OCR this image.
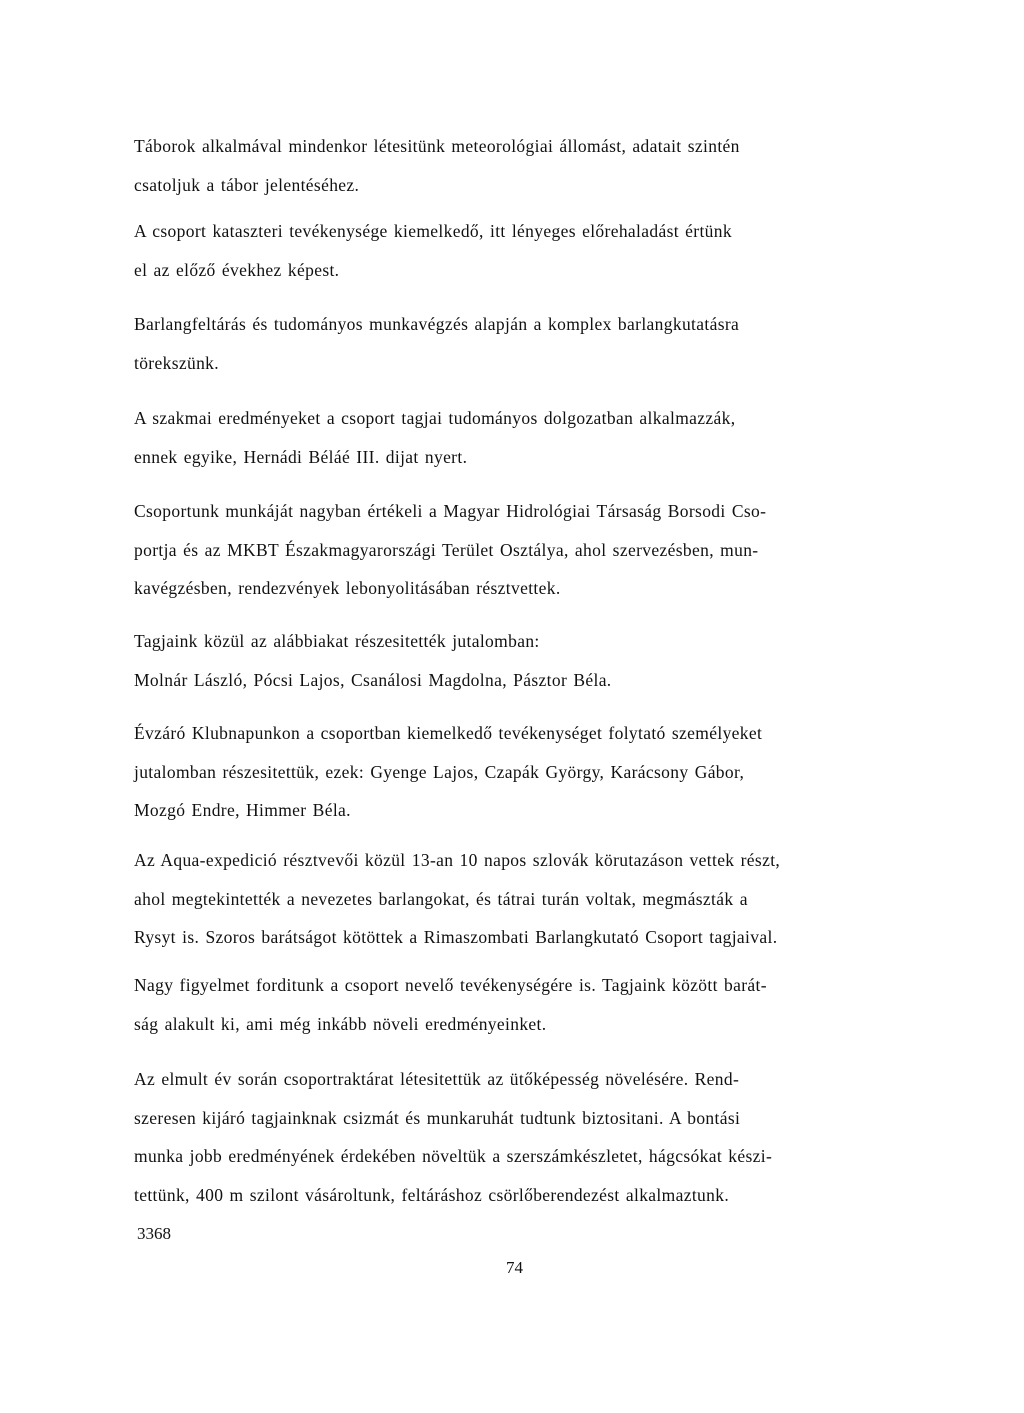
Táborok alkalmával mindenkor létesitünk meteorológiai állomást, adatait szintén
csatoljuk a tábor jelentéséhez.

A csoport kataszteri tevékenysége kiemelkedő, itt lényeges előrehaladást értünk
el az előző évekhez képest.

Barlangfeltárás és tudományos munkavégzés alapján a komplex barlangkutatásra
törekszünk.

A szakmai eredményeket a csoport tagjai tudományos dolgozatban alkalmazzák,
ennek egyike, Hernádi Béláé III. dijat nyert.

Csoportunk munkáját nagyban értékeli a Magyar Hidrológiai Társaság Borsodi Cso-
portja és az MKBT Északmagyarországi Terület Osztálya, ahol szervezésben, mun-
kavégzésben, rendezvények lebonyolitásában résztvettek.

Tagjaink közül az alábbiakat részesitették jutalomban:
Molnár László, Pócsi Lajos, Csanálosi Magdolna, Pásztor Béla.

Évzáró Klubnapunkon a csoportban kiemelkedő tevékenységet folytató személyeket
jutalomban részesitettük, ezek: Gyenge Lajos, Czapák György, Karácsony Gábor,
Mozgó Endre, Himmer Béla.

Az Aqua-expedició résztvevői közül 13-an 10 napos szlovák körutazáson vettek részt,
ahol megtekintették a nevezetes barlangokat, és tátrai turán voltak, megmászták a
Rysyt is. Szoros barátságot kötöttek a Rimaszombati Barlangkutató Csoport tagjaival.

Nagy figyelmet forditunk a csoport nevelő tevékenységére is. Tagjaink között barát-
ság alakult ki, ami még inkább növeli eredményeinket.

Az elmult év során csoportraktárat létesitettük az ütőképesség növelésére. Rend-
szeresen kijáró tagjainknak csizmát és munkaruhát tudtunk biztositani. A bontási
munka jobb eredményének érdekében növeltük a szerszámkészletet, hágcsókat készi-
tettünk, 400 m szilont vásároltunk, feltáráshoz csörlőberendezést alkalmaztunk.

3368

74
